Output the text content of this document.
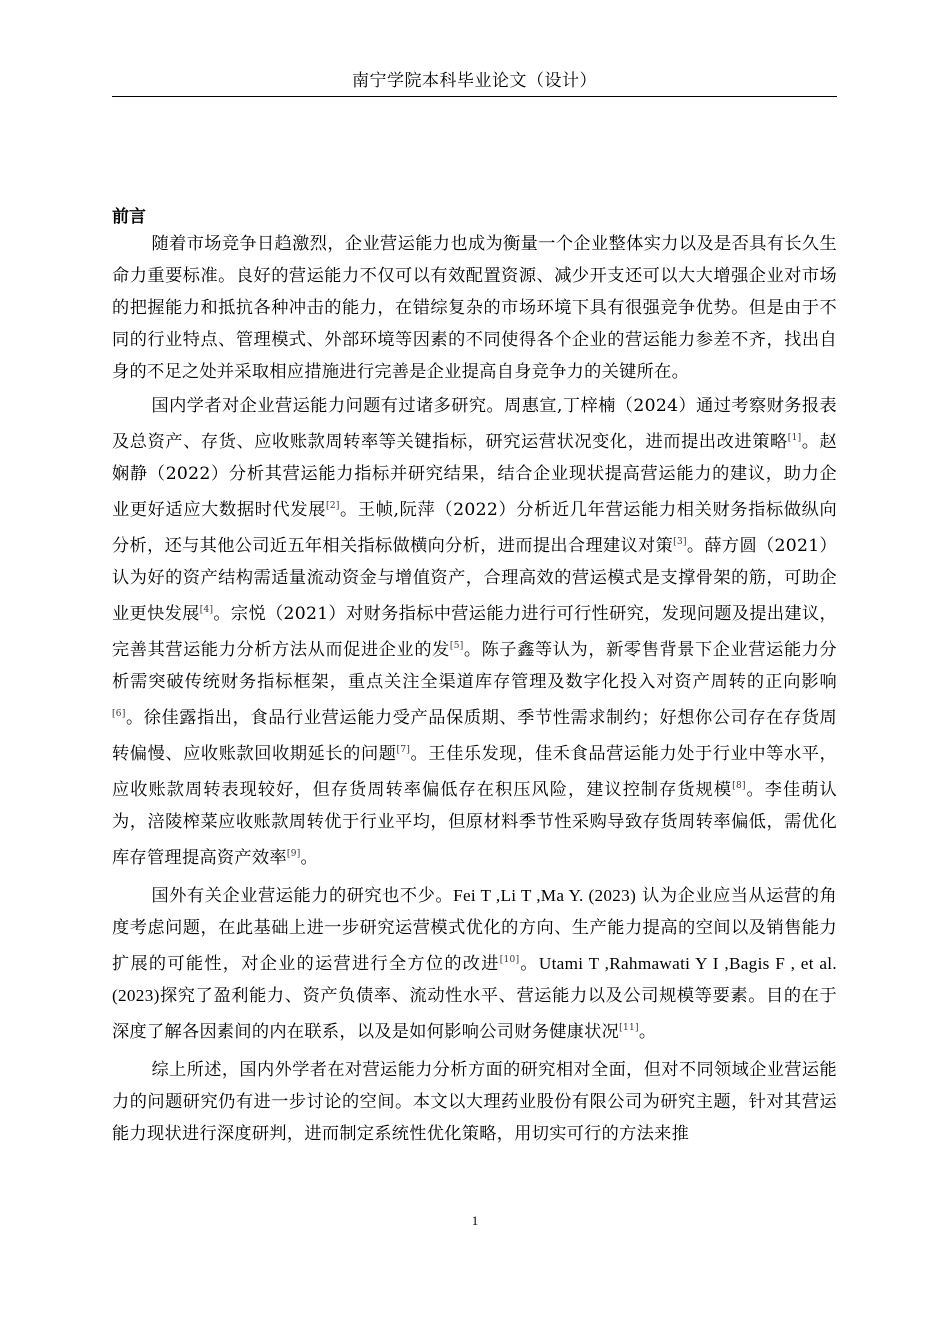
南宁学院本科毕业论文（设计）
前言

随着市场竞争日趋激烈，企业营运能力也成为衡量一个企业整体实力以及是否具有长久生命力重要标准。良好的营运能力不仅可以有效配置资源、减少开支还可以大大增强企业对市场的把握能力和抵抗各种冲击的能力，在错综复杂的市场环境下具有很强竞争优势。但是由于不同的行业特点、管理模式、外部环境等因素的不同使得各个企业的营运能力参差不齐，找出自身的不足之处并采取相应措施进行完善是企业提高自身竞争力的关键所在。

国内学者对企业营运能力问题有过诸多研究。周惠宣,丁梓楠（2024）通过考察财务报表及总资产、存货、应收账款周转率等关键指标，研究运营状况变化，进而提出改进策略[1]。赵娴静（2022）分析其营运能力指标并研究结果，结合企业现状提高营运能力的建议，助力企业更好适应大数据时代发展[2]。王帧,阮萍（2022）分析近几年营运能力相关财务指标做纵向分析，还与其他公司近五年相关指标做横向分析，进而提出合理建议对策[3]。薛方圆（2021）认为好的资产结构需适量流动资金与增值资产，合理高效的营运模式是支撑骨架的筋，可助企业更快发展[4]。宗悦（2021）对财务指标中营运能力进行可行性研究，发现问题及提出建议，完善其营运能力分析方法从而促进企业的发[5]。陈子鑫等认为，新零售背景下企业营运能力分析需突破传统财务指标框架，重点关注全渠道库存管理及数字化投入对资产周转的正向影响[6]。徐佳露指出，食品行业营运能力受产品保质期、季节性需求制约；好想你公司存在存货周转偏慢、应收账款回收期延长的问题[7]。王佳乐发现，佳禾食品营运能力处于行业中等水平，应收账款周转表现较好，但存货周转率偏低存在积压风险，建议控制存货规模[8]。李佳萌认为，涪陵榨菜应收账款周转优于行业平均，但原材料季节性采购导致存货周转率偏低，需优化库存管理提高资产效率[9]。

国外有关企业营运能力的研究也不少。Fei T ,Li T ,Ma Y. (2023) 认为企业应当从运营的角度考虑问题，在此基础上进一步研究运营模式优化的方向、生产能力提高的空间以及销售能力扩展的可能性，对企业的运营进行全方位的改进[10]。Utami T ,Rahmawati Y I ,Bagis F , et al.(2023)探究了盈利能力、资产负债率、流动性水平、营运能力以及公司规模等要素。目的在于深度了解各因素间的内在联系，以及是如何影响公司财务健康状况[11]。

综上所述，国内外学者在对营运能力分析方面的研究相对全面，但对不同领域企业营运能力的问题研究仍有进一步讨论的空间。本文以大理药业股份有限公司为研究主题，针对其营运能力现状进行深度研判，进而制定系统性优化策略，用切实可行的方法来推

1
